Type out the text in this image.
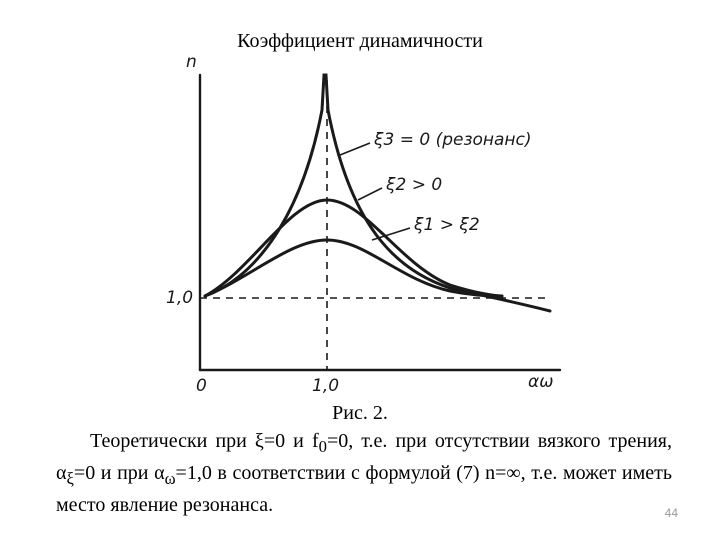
Коэффициент динамичности
n
αω
0	1,0
1,0
ξ3 = 0 (резонанс)
ξ2 > 0
ξ1 > ξ2
Рис. 2.
Теоретически при ξ=0 и $f_0=0$, т.е. при отсутствии вязкого трения, $\alpha_\xi=0$ и при $\alpha_\omega=1,0$ в соответствии с формулой (7) n=∞, т.е. может иметь место явление резонанса.	44
